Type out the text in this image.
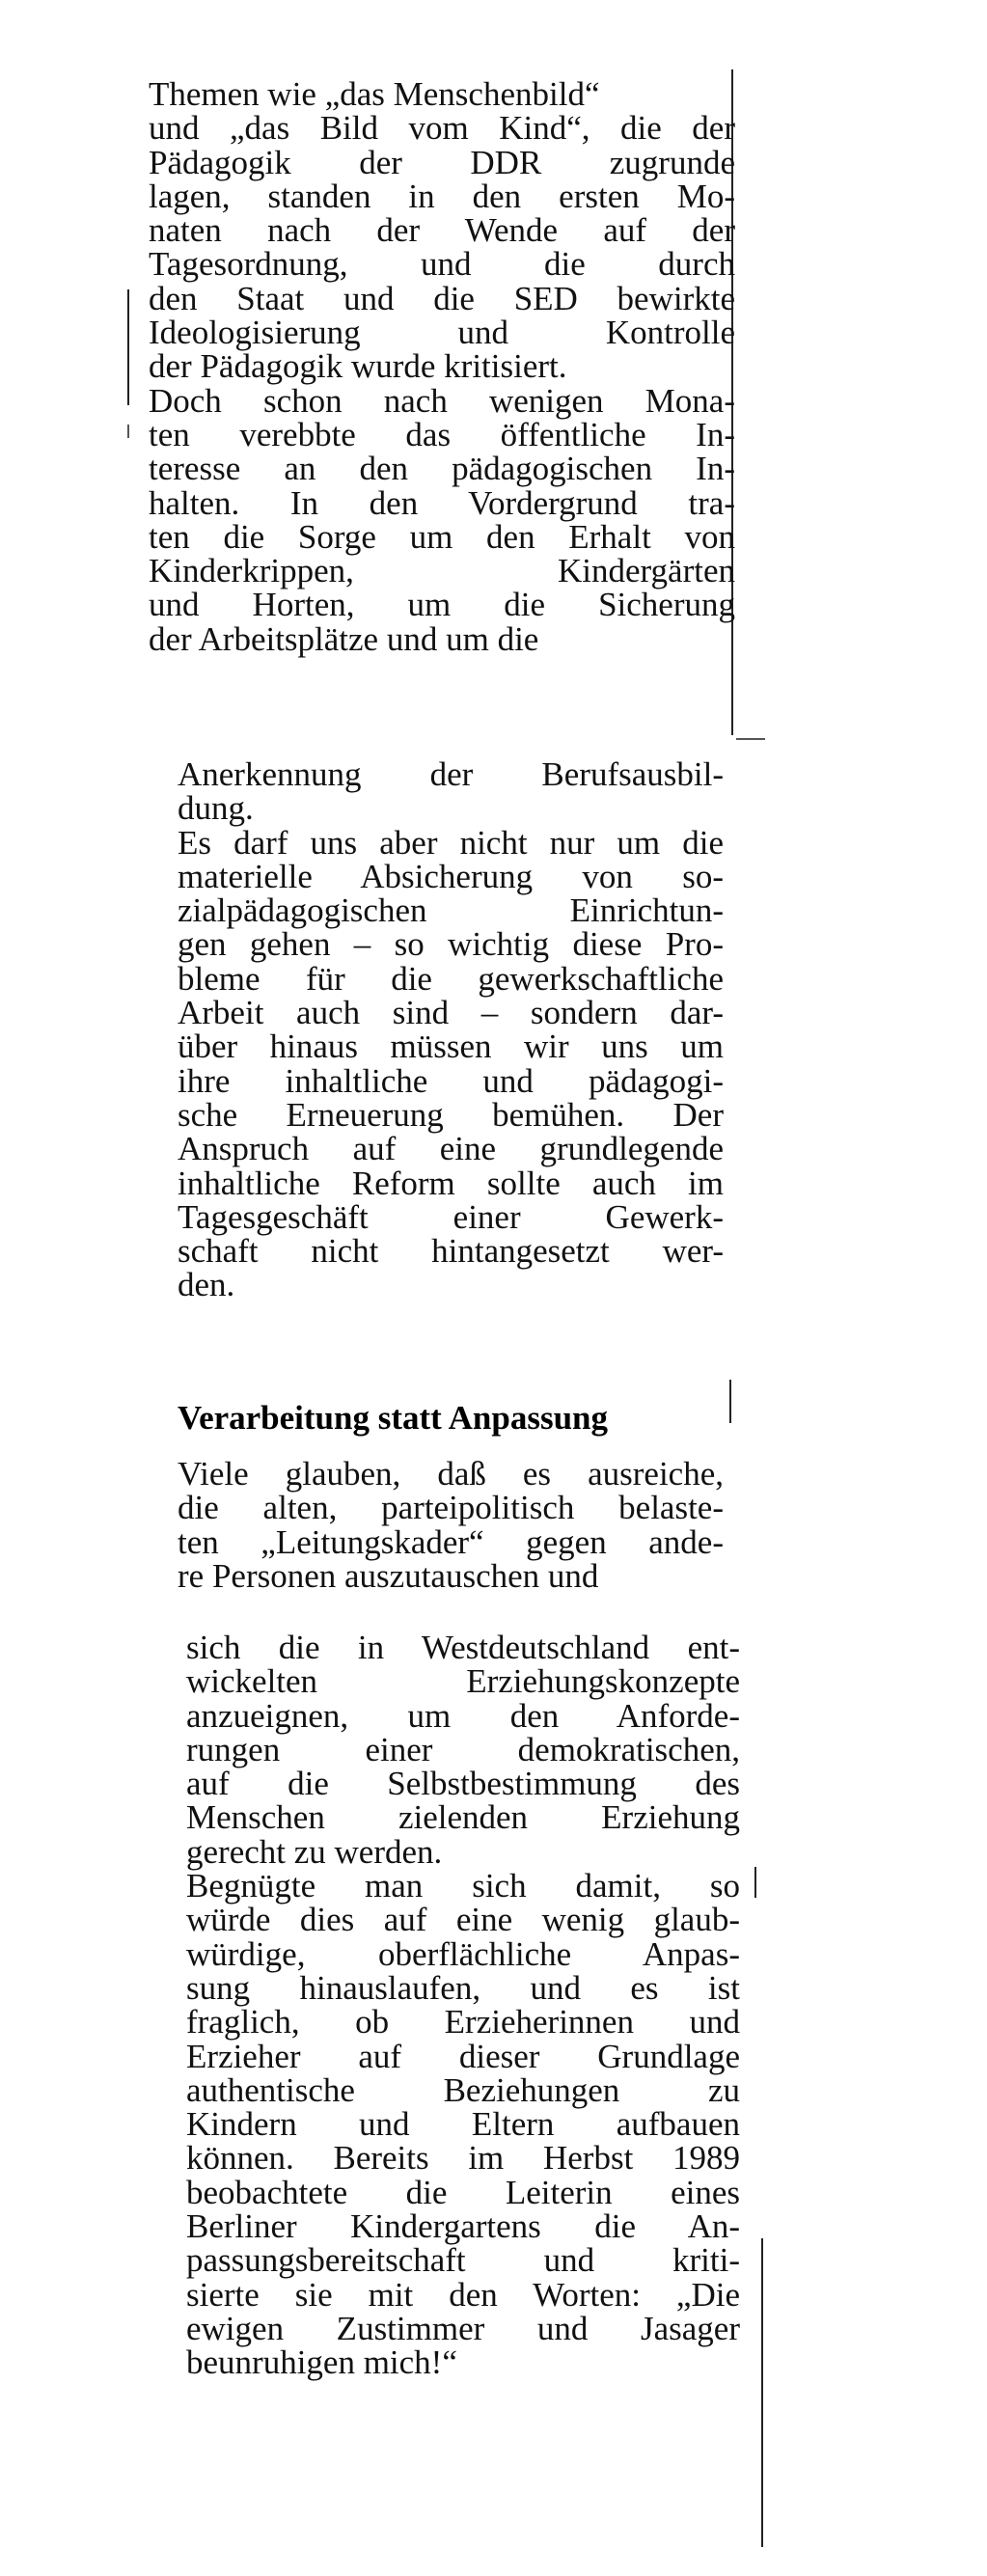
Themen wie „das Menschenbild“
und „das Bild vom Kind“, die der
Pädagogik der DDR zugrunde
lagen, standen in den ersten Mo-
naten nach der Wende auf der
Tagesordnung, und die durch
den Staat und die SED bewirkte
Ideologisierung und Kontrolle
der Pädagogik wurde kritisiert.
Doch schon nach wenigen Mona-
ten verebbte das öffentliche In-
teresse an den pädagogischen In-
halten. In den Vordergrund tra-
ten die Sorge um den Erhalt von
Kinderkrippen, Kindergärten
und Horten, um die Sicherung
der Arbeitsplätze und um die
Anerkennung der Berufsausbil-
dung.
Es darf uns aber nicht nur um die
materielle Absicherung von so-
zialpädagogischen Einrichtun-
gen gehen – so wichtig diese Pro-
bleme für die gewerkschaftliche
Arbeit auch sind – sondern dar-
über hinaus müssen wir uns um
ihre inhaltliche und pädagogi-
sche Erneuerung bemühen. Der
Anspruch auf eine grundlegende
inhaltliche Reform sollte auch im
Tagesgeschäft einer Gewerk-
schaft nicht hintangesetzt wer-
den.
Verarbeitung statt Anpassung
Viele glauben, daß es ausreiche,
die alten, parteipolitisch belaste-
ten „Leitungskader“ gegen ande-
re Personen auszutauschen und
sich die in Westdeutschland ent-
wickelten Erziehungskonzepte
anzueignen, um den Anforde-
rungen einer demokratischen,
auf die Selbstbestimmung des
Menschen zielenden Erziehung
gerecht zu werden.
Begnügte man sich damit, so
würde dies auf eine wenig glaub-
würdige, oberflächliche Anpas-
sung hinauslaufen, und es ist
fraglich, ob Erzieherinnen und
Erzieher auf dieser Grundlage
authentische Beziehungen zu
Kindern und Eltern aufbauen
können. Bereits im Herbst 1989
beobachtete die Leiterin eines
Berliner Kindergartens die An-
passungsbereitschaft und kriti-
sierte sie mit den Worten: „Die
ewigen Zustimmer und Jasager
beunruhigen mich!“
